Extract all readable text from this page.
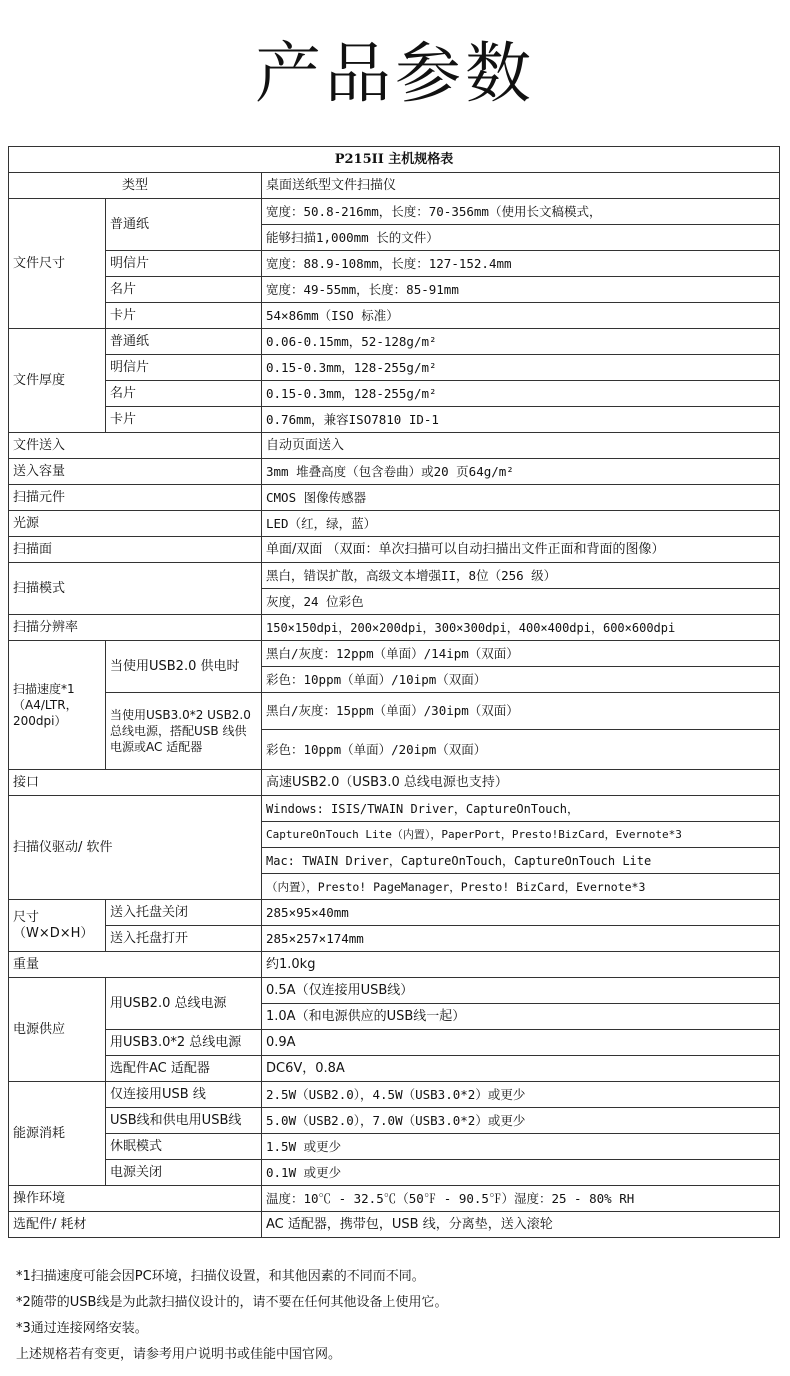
产品参数
P215II 主机规格表		
类型		桌面送纸型文件扫描仪
文件尺寸	普通纸	宽度：50.8-216mm，长度：70-356mm（使用长文稿模式，
		能够扫描1,000mm 长的文件）
	明信片	宽度：88.9-108mm，长度：127-152.4mm
	名片	宽度：49-55mm，长度：85-91mm
	卡片	54×86mm（ISO 标准）
文件厚度	普通纸	0.06-0.15mm，52-128g/m²
	明信片	0.15-0.3mm，128-255g/m²
	名片	0.15-0.3mm，128-255g/m²
	卡片	0.76mm，兼容ISO7810 ID-1
文件送入		自动页面送入
送入容量		3mm 堆叠高度（包含卷曲）或20 页64g/m²
扫描元件		CMOS 图像传感器
光源		LED（红，绿，蓝）
扫描面		单面/双面 （双面：单次扫描可以自动扫描出文件正面和背面的图像）
扫描模式		黑白，错误扩散，高级文本增强II，8位（256 级）
		灰度，24 位彩色
扫描分辨率		150×150dpi，200×200dpi，300×300dpi，400×400dpi，600×600dpi

扫描速度*1
（A4/LTR，
200dpi）	当使用USB2.0 供电时	黑白/灰度：12ppm（单面）/14ipm（双面）
		彩色：10ppm（单面）/10ipm（双面）
	当使用USB3.0*2 USB2.0总线电源，搭配USB 线供电源或AC 适配器	黑白/灰度：15ppm（单面）/30ipm（双面）
		彩色：10ppm（单面）/20ipm（双面）
接口		高速USB2.0（USB3.0 总线电源也支持）
扫描仪驱动/ 软件		Windows: ISIS/TWAIN Driver，CaptureOnTouch，
		CaptureOnTouch Lite（内置），PaperPort，Presto!BizCard，Evernote*3
		Mac: TWAIN Driver，CaptureOnTouch，CaptureOnTouch Lite
		（内置），Presto! PageManager，Presto! BizCard，Evernote*3

尺寸
（W×D×H）	送入托盘关闭	285×95×40mm
	送入托盘打开	285×257×174mm
重量		约1.0kg
电源供应	用USB2.0 总线电源	0.5A（仅连接用USB线）
		1.0A（和电源供应的USB线一起）
	用USB3.0*2 总线电源	0.9A
	选配件AC 适配器	DC6V，0.8A
能源消耗	仅连接用USB 线	2.5W（USB2.0），4.5W（USB3.0*2）或更少
	USB线和供电用USB线	5.0W（USB2.0），7.0W（USB3.0*2）或更少
	休眠模式	1.5W 或更少
	电源关闭	0.1W 或更少
操作环境		温度：10℃ - 32.5℃（50℉ - 90.5℉）湿度：25 - 80% RH
选配件/ 耗材		AC 适配器，携带包，USB 线，分离垫，送入滚轮
*1扫描速度可能会因PC环境，扫描仪设置，和其他因素的不同而不同。
*2随带的USB线是为此款扫描仪设计的，请不要在任何其他设备上使用它。
*3通过连接网络安装。
上述规格若有变更，请参考用户说明书或佳能中国官网。
